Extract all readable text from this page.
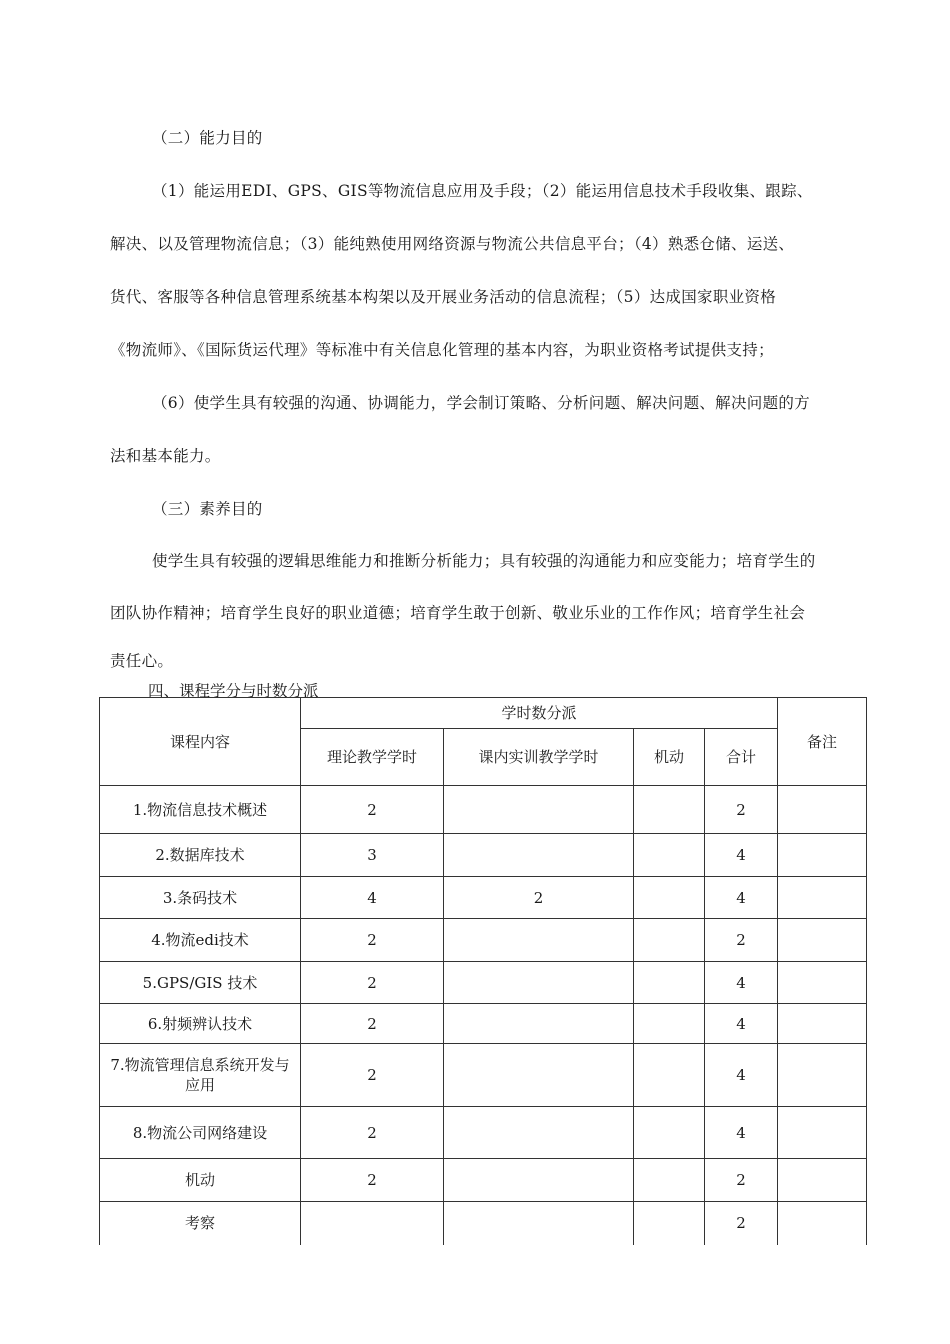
（二）能力目的
（1）能运用EDI、GPS、GIS等物流信息应用及手段；（2）能运用信息技术手段收集、跟踪、
解决、以及管理物流信息；（3）能纯熟使用网络资源与物流公共信息平台；（4）熟悉仓储、运送、
货代、客服等各种信息管理系统基本构架以及开展业务活动的信息流程；（5）达成国家职业资格
《物流师》、《国际货运代理》等标准中有关信息化管理的基本内容，为职业资格考试提供支持；
（6）使学生具有较强的沟通、协调能力，学会制订策略、分析问题、解决问题、解决问题的方
法和基本能力。
（三）素养目的
使学生具有较强的逻辑思维能力和推断分析能力；具有较强的沟通能力和应变能力；培育学生的
团队协作精神；培育学生良好的职业道德；培育学生敢于创新、敬业乐业的工作作风；培育学生社会
责任心。
四、课程学分与时数分派
课程内容	学时数分派				备注
	理论教学学时	课内实训教学学时	机动	合计	
1.物流信息技术概述	2			2	
2.数据库技术	3			4	
3.条码技术	4	2		4	
4.物流edi技术	2			2	
5.GPS/GIS 技术	2			4	
6.射频辨认技术	2			4	
7.物流管理信息系统开发与应用	2			4	
8.物流公司网络建设	2			4	
机动	2			2	
考察				2	
